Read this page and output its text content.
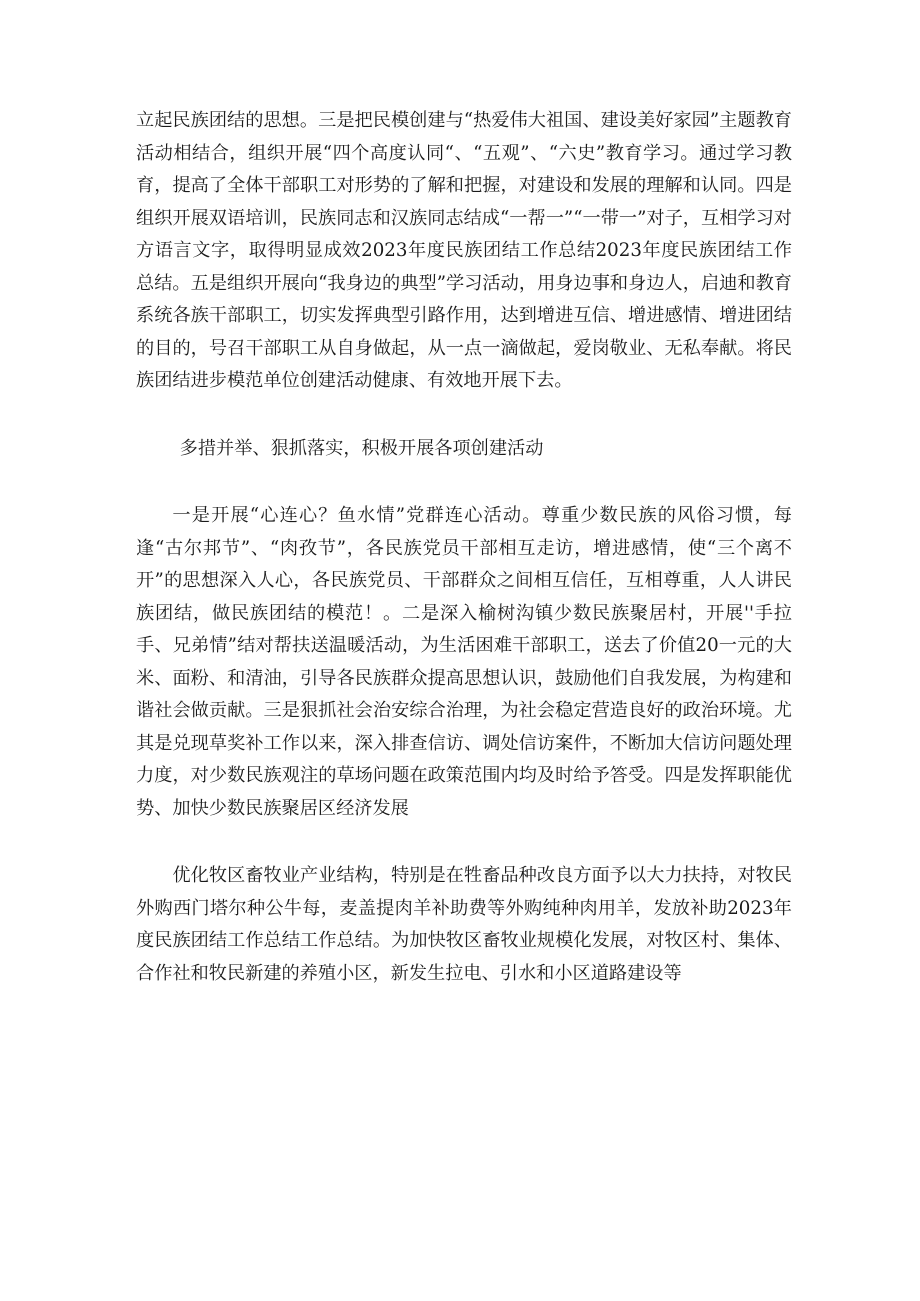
立起民族团结的思想。三是把民模创建与“热爱伟大祖国、建设美好家园”主题教育活动相结合，组织开展“四个高度认同“、“五观”、“六史”教育学习。通过学习教育，提高了全体干部职工对形势的了解和把握，对建设和发展的理解和认同。四是组织开展双语培训，民族同志和汉族同志结成“一帮一”“一带一”对子，互相学习对方语言文字，取得明显成效2023年度民族团结工作总结2023年度民族团结工作总结。五是组织开展向“我身边的典型”学习活动，用身边事和身边人，启迪和教育系统各族干部职工，切实发挥典型引路作用，达到增进互信、增进感情、增进团结的目的，号召干部职工从自身做起，从一点一滴做起，爱岗敬业、无私奉献。将民族团结进步模范单位创建活动健康、有效地开展下去。

多措并举、狠抓落实，积极开展各项创建活动

一是开展“心连心？鱼水情”党群连心活动。尊重少数民族的风俗习惯，每逢“古尔邦节”、“肉孜节”，各民族党员干部相互走访，增进感情，使“三个离不开”的思想深入人心，各民族党员、干部群众之间相互信任，互相尊重，人人讲民族团结，做民族团结的模范！。二是深入榆树沟镇少数民族聚居村，开展''手拉手、兄弟情”结对帮扶送温暖活动，为生活困难干部职工，送去了价值20一元的大米、面粉、和清油，引导各民族群众提高思想认识，鼓励他们自我发展，为构建和谐社会做贡献。三是狠抓社会治安综合治理，为社会稳定营造良好的政治环境。尤其是兑现草奖补工作以来，深入排查信访、调处信访案件，不断加大信访问题处理力度，对少数民族观注的草场问题在政策范围内均及时给予答受。四是发挥职能优势、加快少数民族聚居区经济发展

优化牧区畜牧业产业结构，特别是在牲畜品种改良方面予以大力扶持，对牧民外购西门塔尔种公牛每，麦盖提肉羊补助费等外购纯种肉用羊，发放补助2023年度民族团结工作总结工作总结。为加快牧区畜牧业规模化发展，对牧区村、集体、合作社和牧民新建的养殖小区，新发生拉电、引水和小区道路建设等
